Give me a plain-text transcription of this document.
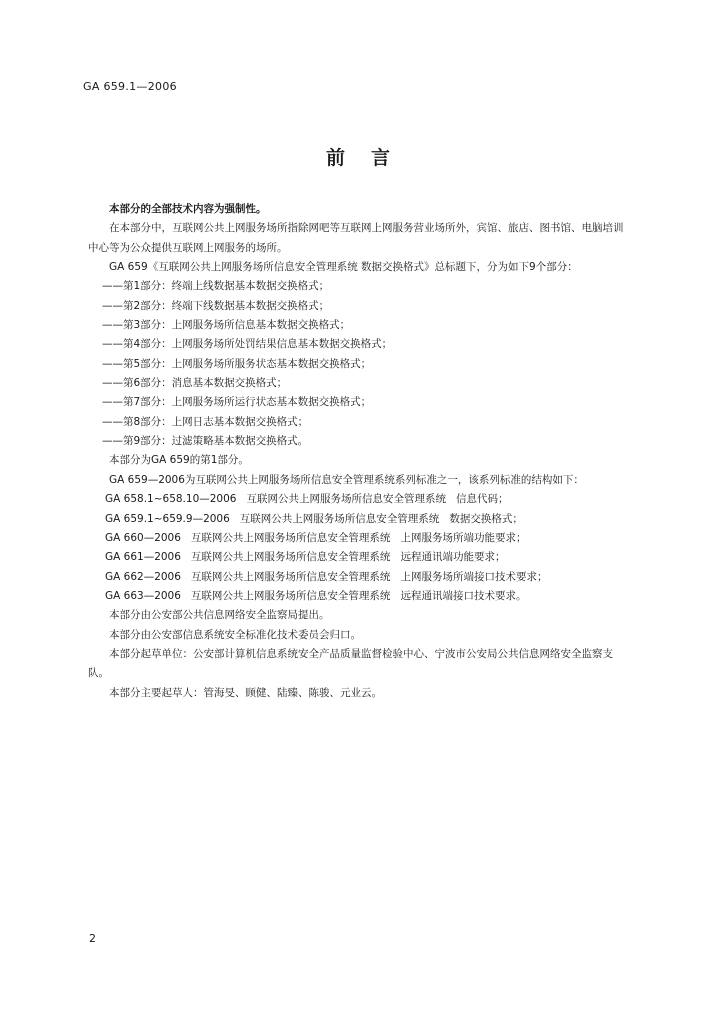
GA 659.1—2006

前言

本部分的全部技术内容为强制性。

在本部分中，互联网公共上网服务场所指除网吧等互联网上网服务营业场所外，宾馆、旅店、图书馆、电脑培训中心等为公众提供互联网上网服务的场所。

GA 659《互联网公共上网服务场所信息安全管理系统 数据交换格式》总标题下，分为如下9个部分：

——第1部分：终端上线数据基本数据交换格式；

——第2部分：终端下线数据基本数据交换格式；

——第3部分：上网服务场所信息基本数据交换格式；

——第4部分：上网服务场所处罚结果信息基本数据交换格式；

——第5部分：上网服务场所服务状态基本数据交换格式；

——第6部分：消息基本数据交换格式；

——第7部分：上网服务场所运行状态基本数据交换格式；

——第8部分：上网日志基本数据交换格式；

——第9部分：过滤策略基本数据交换格式。

本部分为GA 659的第1部分。

GA 659—2006为互联网公共上网服务场所信息安全管理系统系列标准之一，该系列标准的结构如下：

GA 658.1~658.10—2006   互联网公共上网服务场所信息安全管理系统   信息代码；

GA 659.1~659.9—2006   互联网公共上网服务场所信息安全管理系统   数据交换格式；

GA 660—2006   互联网公共上网服务场所信息安全管理系统   上网服务场所端功能要求；

GA 661—2006   互联网公共上网服务场所信息安全管理系统   远程通讯端功能要求；

GA 662—2006   互联网公共上网服务场所信息安全管理系统   上网服务场所端接口技术要求；

GA 663—2006   互联网公共上网服务场所信息安全管理系统   远程通讯端接口技术要求。

本部分由公安部公共信息网络安全监察局提出。

本部分由公安部信息系统安全标准化技术委员会归口。

本部分起草单位：公安部计算机信息系统安全产品质量监督检验中心、宁波市公安局公共信息网络安全监察支队。

本部分主要起草人：管海旻、顾健、陆臻、陈骏、元业云。

2
